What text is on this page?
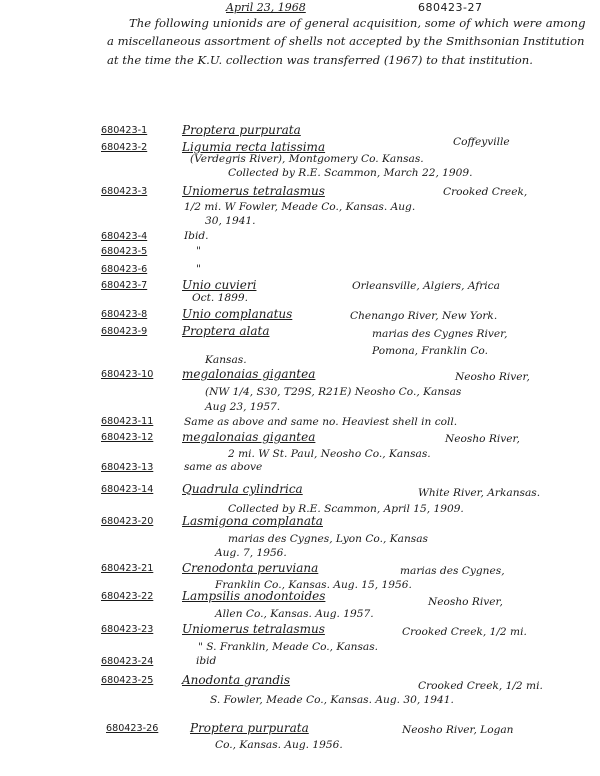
April 23, 1968	680423-27
The following unionids are of general acquisition, some of which were among a miscellaneous assortment of shells not accepted by the Smithsonian Institution at the time the K.U. collection was transferred (1967) to that institution.
680423-1	Proptera purpurata
680423-2	Ligumia recta latissima	Coffeyville
(Verdegris River), Montgomery Co. Kansas.
Collected by R.E. Scammon, March 22, 1909.
680423-3	Uniomerus tetralasmus	Crooked Creek,
1/2 mi. W Fowler, Meade Co., Kansas. Aug.
30, 1941.
680423-4	Ibid.
680423-5	"
680423-6	"
680423-7	Unio cuvieri	Orleansville, Algiers, Africa
Oct. 1899.
680423-8	Unio complanatus	Chenango River, New York.
680423-9	Proptera alata	marias des Cygnes River,
Pomona, Franklin Co.
Kansas.
680423-10 megalonaias gigantea	Neosho River,
(NW 1/4, S30, T29S, R21E) Neosho Co., Kansas
Aug 23, 1957.
680423-11	Same as above and same no. Heaviest shell in coll.
680423-12 megalonaias gigantea	Neosho River,
2 mi. W St. Paul, Neosho Co., Kansas.
680423-13	same as above
680423-14 Quadrula cylindrica	White River, Arkansas.
Collected by R.E. Scammon, April 15, 1909.
680423-20 Lasmigona complanata
marias des Cygnes, Lyon Co., Kansas
Aug. 7, 1956.
680423-21 Crenodonta peruviana	marias des Cygnes,
Franklin Co., Kansas. Aug. 15, 1956.
680423-22 Lampsilis anodontoides	Neosho River,
Allen Co., Kansas. Aug. 1957.
680423-23 Uniomerus tetralasmus	Crooked Creek, 1/2 mi.
" S. Franklin, Meade Co., Kansas.
680423-24	ibid
680423-25 Anodonta grandis	Crooked Creek, 1/2 mi.
S. Fowler, Meade Co., Kansas. Aug. 30, 1941.
680423-26	Proptera purpurata	Neosho River, Logan
Co., Kansas. Aug. 1956.
